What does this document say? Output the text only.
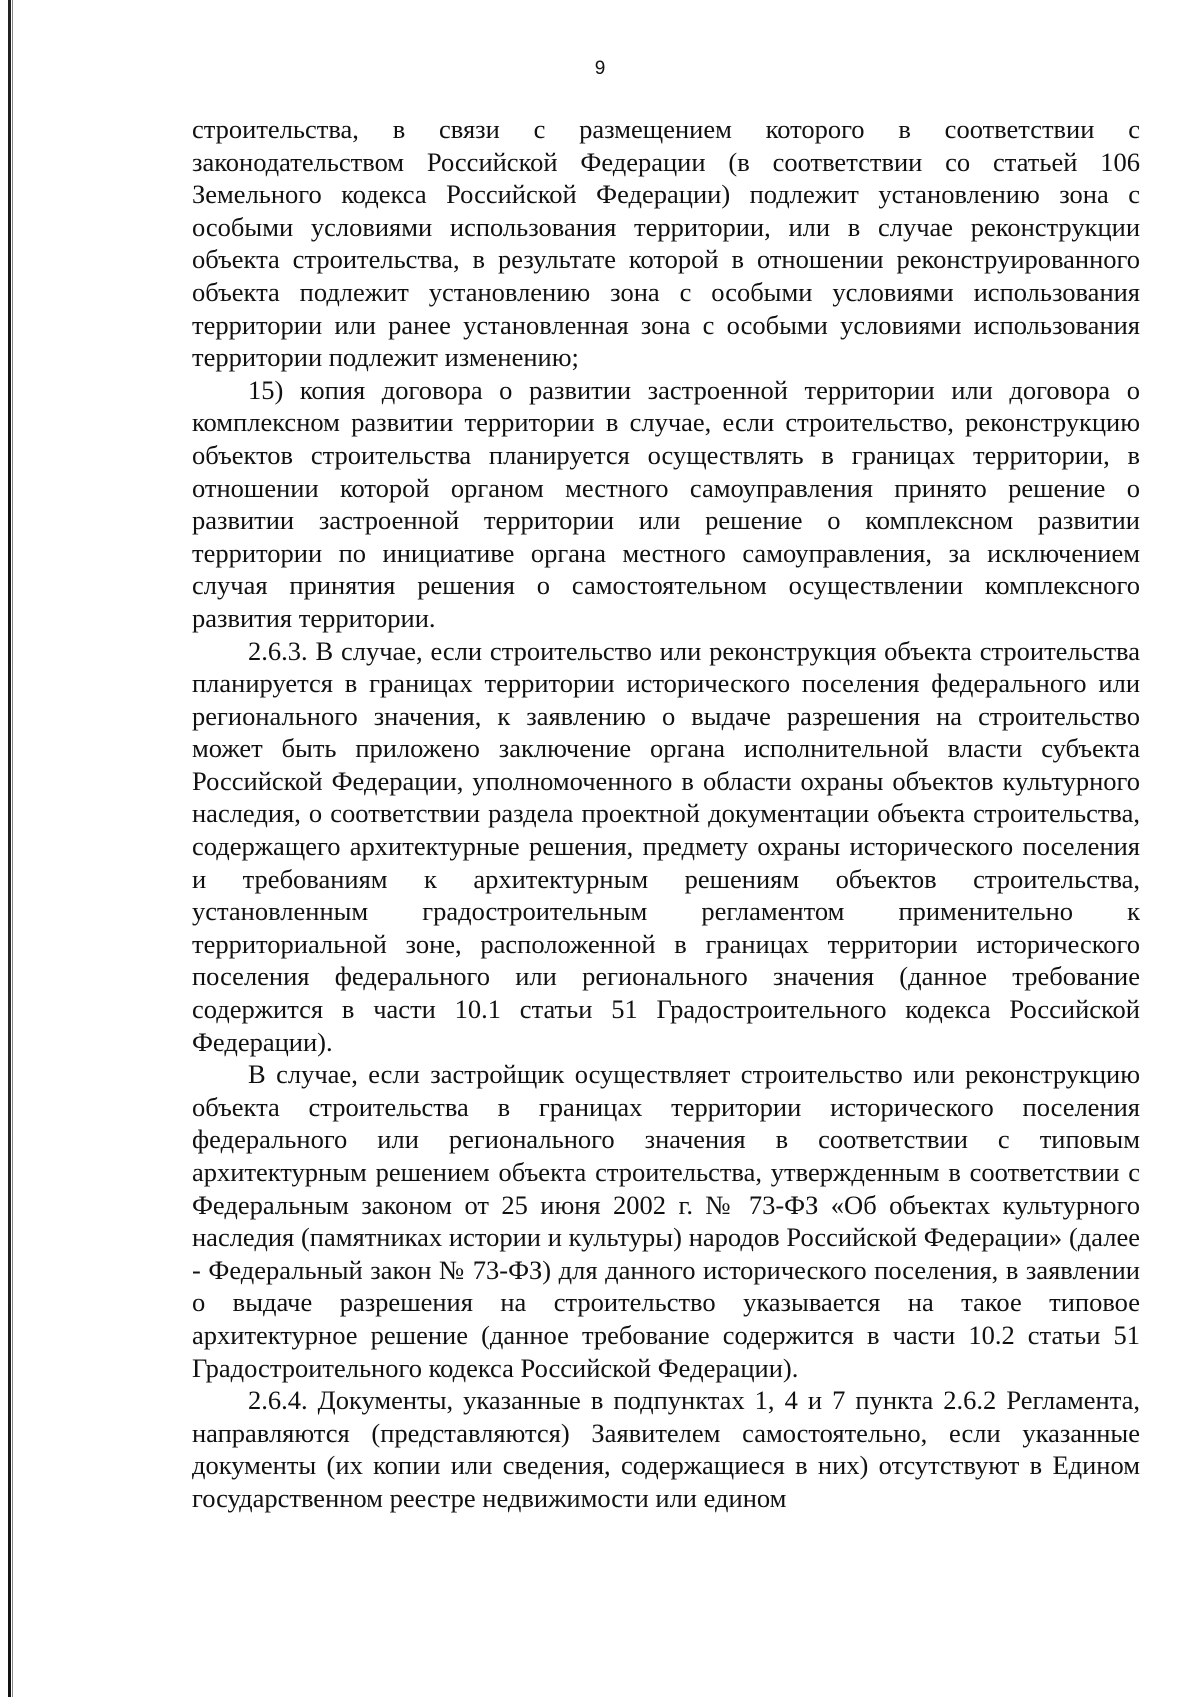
9

строительства, в связи с размещением которого в соответствии с законодательством Российской Федерации (в соответствии со статьей 106 Земельного кодекса Российской Федерации) подлежит установлению зона с особыми условиями использования территории, или в случае реконструкции объекта строительства, в результате которой в отношении реконструированного объекта подлежит установлению зона с особыми условиями использования территории или ранее установленная зона с особыми условиями использования территории подлежит изменению;

15) копия договора о развитии застроенной территории или договора о комплексном развитии территории в случае, если строительство, реконструкцию объектов строительства планируется осуществлять в границах территории, в отношении которой органом местного самоуправления принято решение о развитии застроенной территории или решение о комплексном развитии территории по инициативе органа местного самоуправления, за исключением случая принятия решения о самостоятельном осуществлении комплексного развития территории.

2.6.3. В случае, если строительство или реконструкция объекта строительства планируется в границах территории исторического поселения федерального или регионального значения, к заявлению о выдаче разрешения на строительство может быть приложено заключение органа исполнительной власти субъекта Российской Федерации, уполномоченного в области охраны объектов культурного наследия, о соответствии раздела проектной документации объекта строительства, содержащего архитектурные решения, предмету охраны исторического поселения и требованиям к архитектурным решениям объектов строительства, установленным градостроительным регламентом применительно к территориальной зоне, расположенной в границах территории исторического поселения федерального или регионального значения (данное требование содержится в части 10.1 статьи 51 Градостроительного кодекса Российской Федерации).

В случае, если застройщик осуществляет строительство или реконструкцию объекта строительства в границах территории исторического поселения федерального или регионального значения в соответствии с типовым архитектурным решением объекта строительства, утвержденным в соответствии с Федеральным законом от 25 июня 2002 г. № 73-ФЗ «Об объектах культурного наследия (памятниках истории и культуры) народов Российской Федерации» (далее - Федеральный закон № 73-ФЗ) для данного исторического поселения, в заявлении о выдаче разрешения на строительство указывается на такое типовое архитектурное решение (данное требование содержится в части 10.2 статьи 51 Градостроительного кодекса Российской Федерации).

2.6.4. Документы, указанные в подпунктах 1, 4 и 7 пункта 2.6.2 Регламента, направляются (представляются) Заявителем самостоятельно, если указанные документы (их копии или сведения, содержащиеся в них) отсутствуют в Едином государственном реестре недвижимости или едином
